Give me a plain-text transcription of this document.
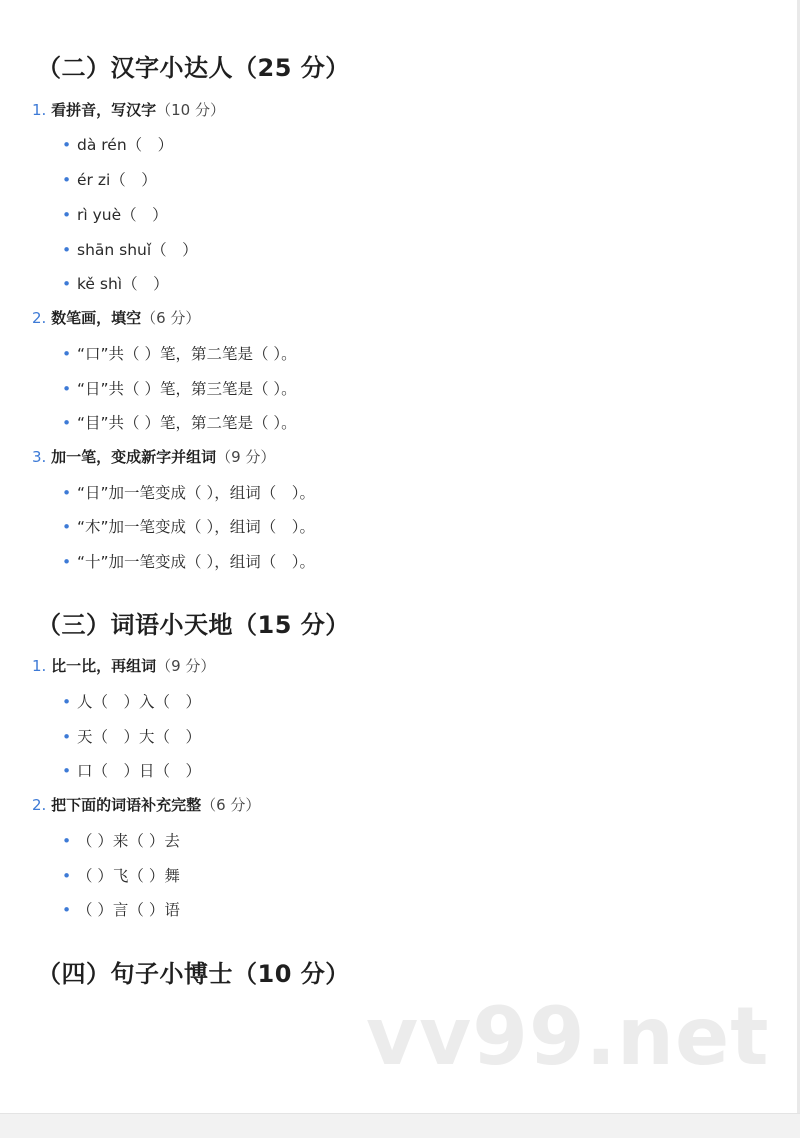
（二）汉字小达人（25 分）
1. 看拼音，写汉字（10 分）
• dà rén（　）
• ér zi（　）
• rì yuè（　）
• shān shuǐ（　）
• kě shì（　）
2. 数笔画，填空（6 分）
• “口”共（ ）笔，第二笔是（ ）。
• “日”共（ ）笔，第三笔是（ ）。
• “目”共（ ）笔，第二笔是（ ）。
3. 加一笔，变成新字并组词（9 分）
• “日”加一笔变成（ ），组词（　）。
• “木”加一笔变成（ ），组词（　）。
• “十”加一笔变成（ ），组词（　）。
（三）词语小天地（15 分）
1. 比一比，再组词（9 分）
• 人（　）入（　）
• 天（　）大（　）
• 口（　）日（　）
2. 把下面的词语补充完整（6 分）
• （ ）来（ ）去
• （ ）飞（ ）舞
• （ ）言（ ）语
（四）句子小博士（10 分）
vv99.net
